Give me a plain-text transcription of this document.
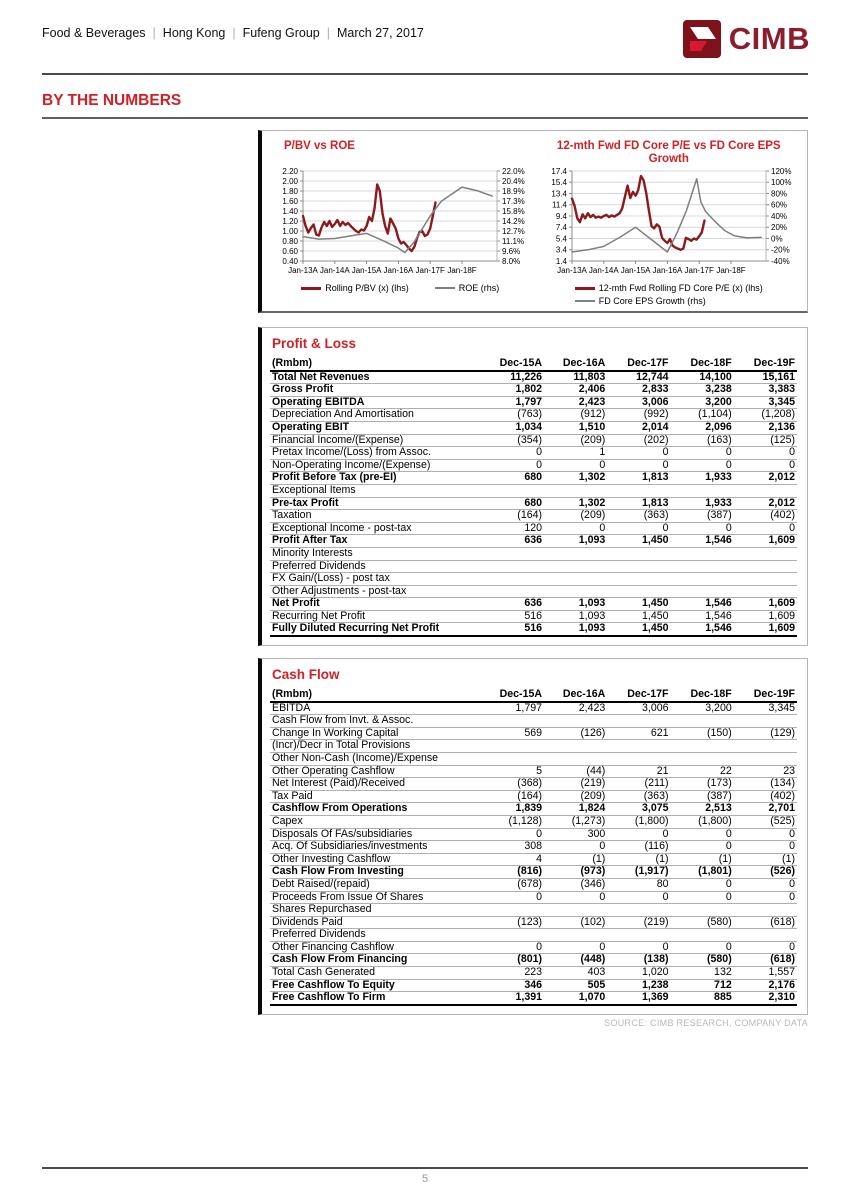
Food & Beverages | Hong Kong | Fufeng Group | March 27, 2017	CIMB
BY THE NUMBERS
P/BV vs ROE
2.20	22.0%
2.00	20.4%
1.80	18.9%
1.60	17.3%
1.40	15.8%
1.20	14.2%
1.00	12.7%
0.80	11.1%
0.60	9.6%
0.40	8.0%
Jan-13A Jan-14A Jan-15A Jan-16A Jan-17F Jan-18F
Rolling P/BV (x) (lhs)	ROE (rhs)
12-mth Fwd FD Core P/E vs FD Core EPS
Growth
17.4	120%
15.4	100%
13.4	80%
11.4	60%
9.4	40%
7.4	20%
5.4	0%
3.4	-20%
1.4	-40%
Jan-13A Jan-14A Jan-15A Jan-16A Jan-17F Jan-18F
12-mth Fwd Rolling FD Core P/E (x) (lhs)
FD Core EPS Growth (rhs)
Profit & Loss
(Rmbm)	Dec-15A	Dec-16A	Dec-17F	Dec-18F	Dec-19F
Total Net Revenues	11,226	11,803	12,744	14,100	15,161
Gross Profit	1,802	2,406	2,833	3,238	3,383
Operating EBITDA	1,797	2,423	3,006	3,200	3,345
Depreciation And Amortisation	(763)	(912)	(992)	(1,104)	(1,208)
Operating EBIT	1,034	1,510	2,014	2,096	2,136
Financial Income/(Expense)	(354)	(209)	(202)	(163)	(125)
Pretax Income/(Loss) from Assoc.	0	1	0	0	0
Non-Operating Income/(Expense)	0	0	0	0	0
Profit Before Tax (pre-EI)	680	1,302	1,813	1,933	2,012
Exceptional Items					
Pre-tax Profit	680	1,302	1,813	1,933	2,012
Taxation	(164)	(209)	(363)	(387)	(402)
Exceptional Income - post-tax	120	0	0	0	0
Profit After Tax	636	1,093	1,450	1,546	1,609
Minority Interests					
Preferred Dividends					
FX Gain/(Loss) - post tax					
Other Adjustments - post-tax					
Net Profit	636	1,093	1,450	1,546	1,609
Recurring Net Profit	516	1,093	1,450	1,546	1,609
Fully Diluted Recurring Net Profit	516	1,093	1,450	1,546	1,609
Cash Flow
(Rmbm)	Dec-15A	Dec-16A	Dec-17F	Dec-18F	Dec-19F
EBITDA	1,797	2,423	3,006	3,200	3,345
Cash Flow from Invt. & Assoc.					
Change In Working Capital	569	(126)	621	(150)	(129)
(Incr)/Decr in Total Provisions					
Other Non-Cash (Income)/Expense					
Other Operating Cashflow	5	(44)	21	22	23
Net Interest (Paid)/Received	(368)	(219)	(211)	(173)	(134)
Tax Paid	(164)	(209)	(363)	(387)	(402)
Cashflow From Operations	1,839	1,824	3,075	2,513	2,701
Capex	(1,128)	(1,273)	(1,800)	(1,800)	(525)
Disposals Of FAs/subsidiaries	0	300	0	0	0
Acq. Of Subsidiaries/investments	308	0	(116)	0	0
Other Investing Cashflow	4	(1)	(1)	(1)	(1)
Cash Flow From Investing	(816)	(973)	(1,917)	(1,801)	(526)
Debt Raised/(repaid)	(678)	(346)	80	0	0
Proceeds From Issue Of Shares	0	0	0	0	0
Shares Repurchased					
Dividends Paid	(123)	(102)	(219)	(580)	(618)
Preferred Dividends					
Other Financing Cashflow	0	0	0	0	0
Cash Flow From Financing	(801)	(448)	(138)	(580)	(618)
Total Cash Generated	223	403	1,020	132	1,557
Free Cashflow To Equity	346	505	1,238	712	2,176
Free Cashflow To Firm	1,391	1,070	1,369	885	2,310
SOURCE: CIMB RESEARCH, COMPANY DATA
5
